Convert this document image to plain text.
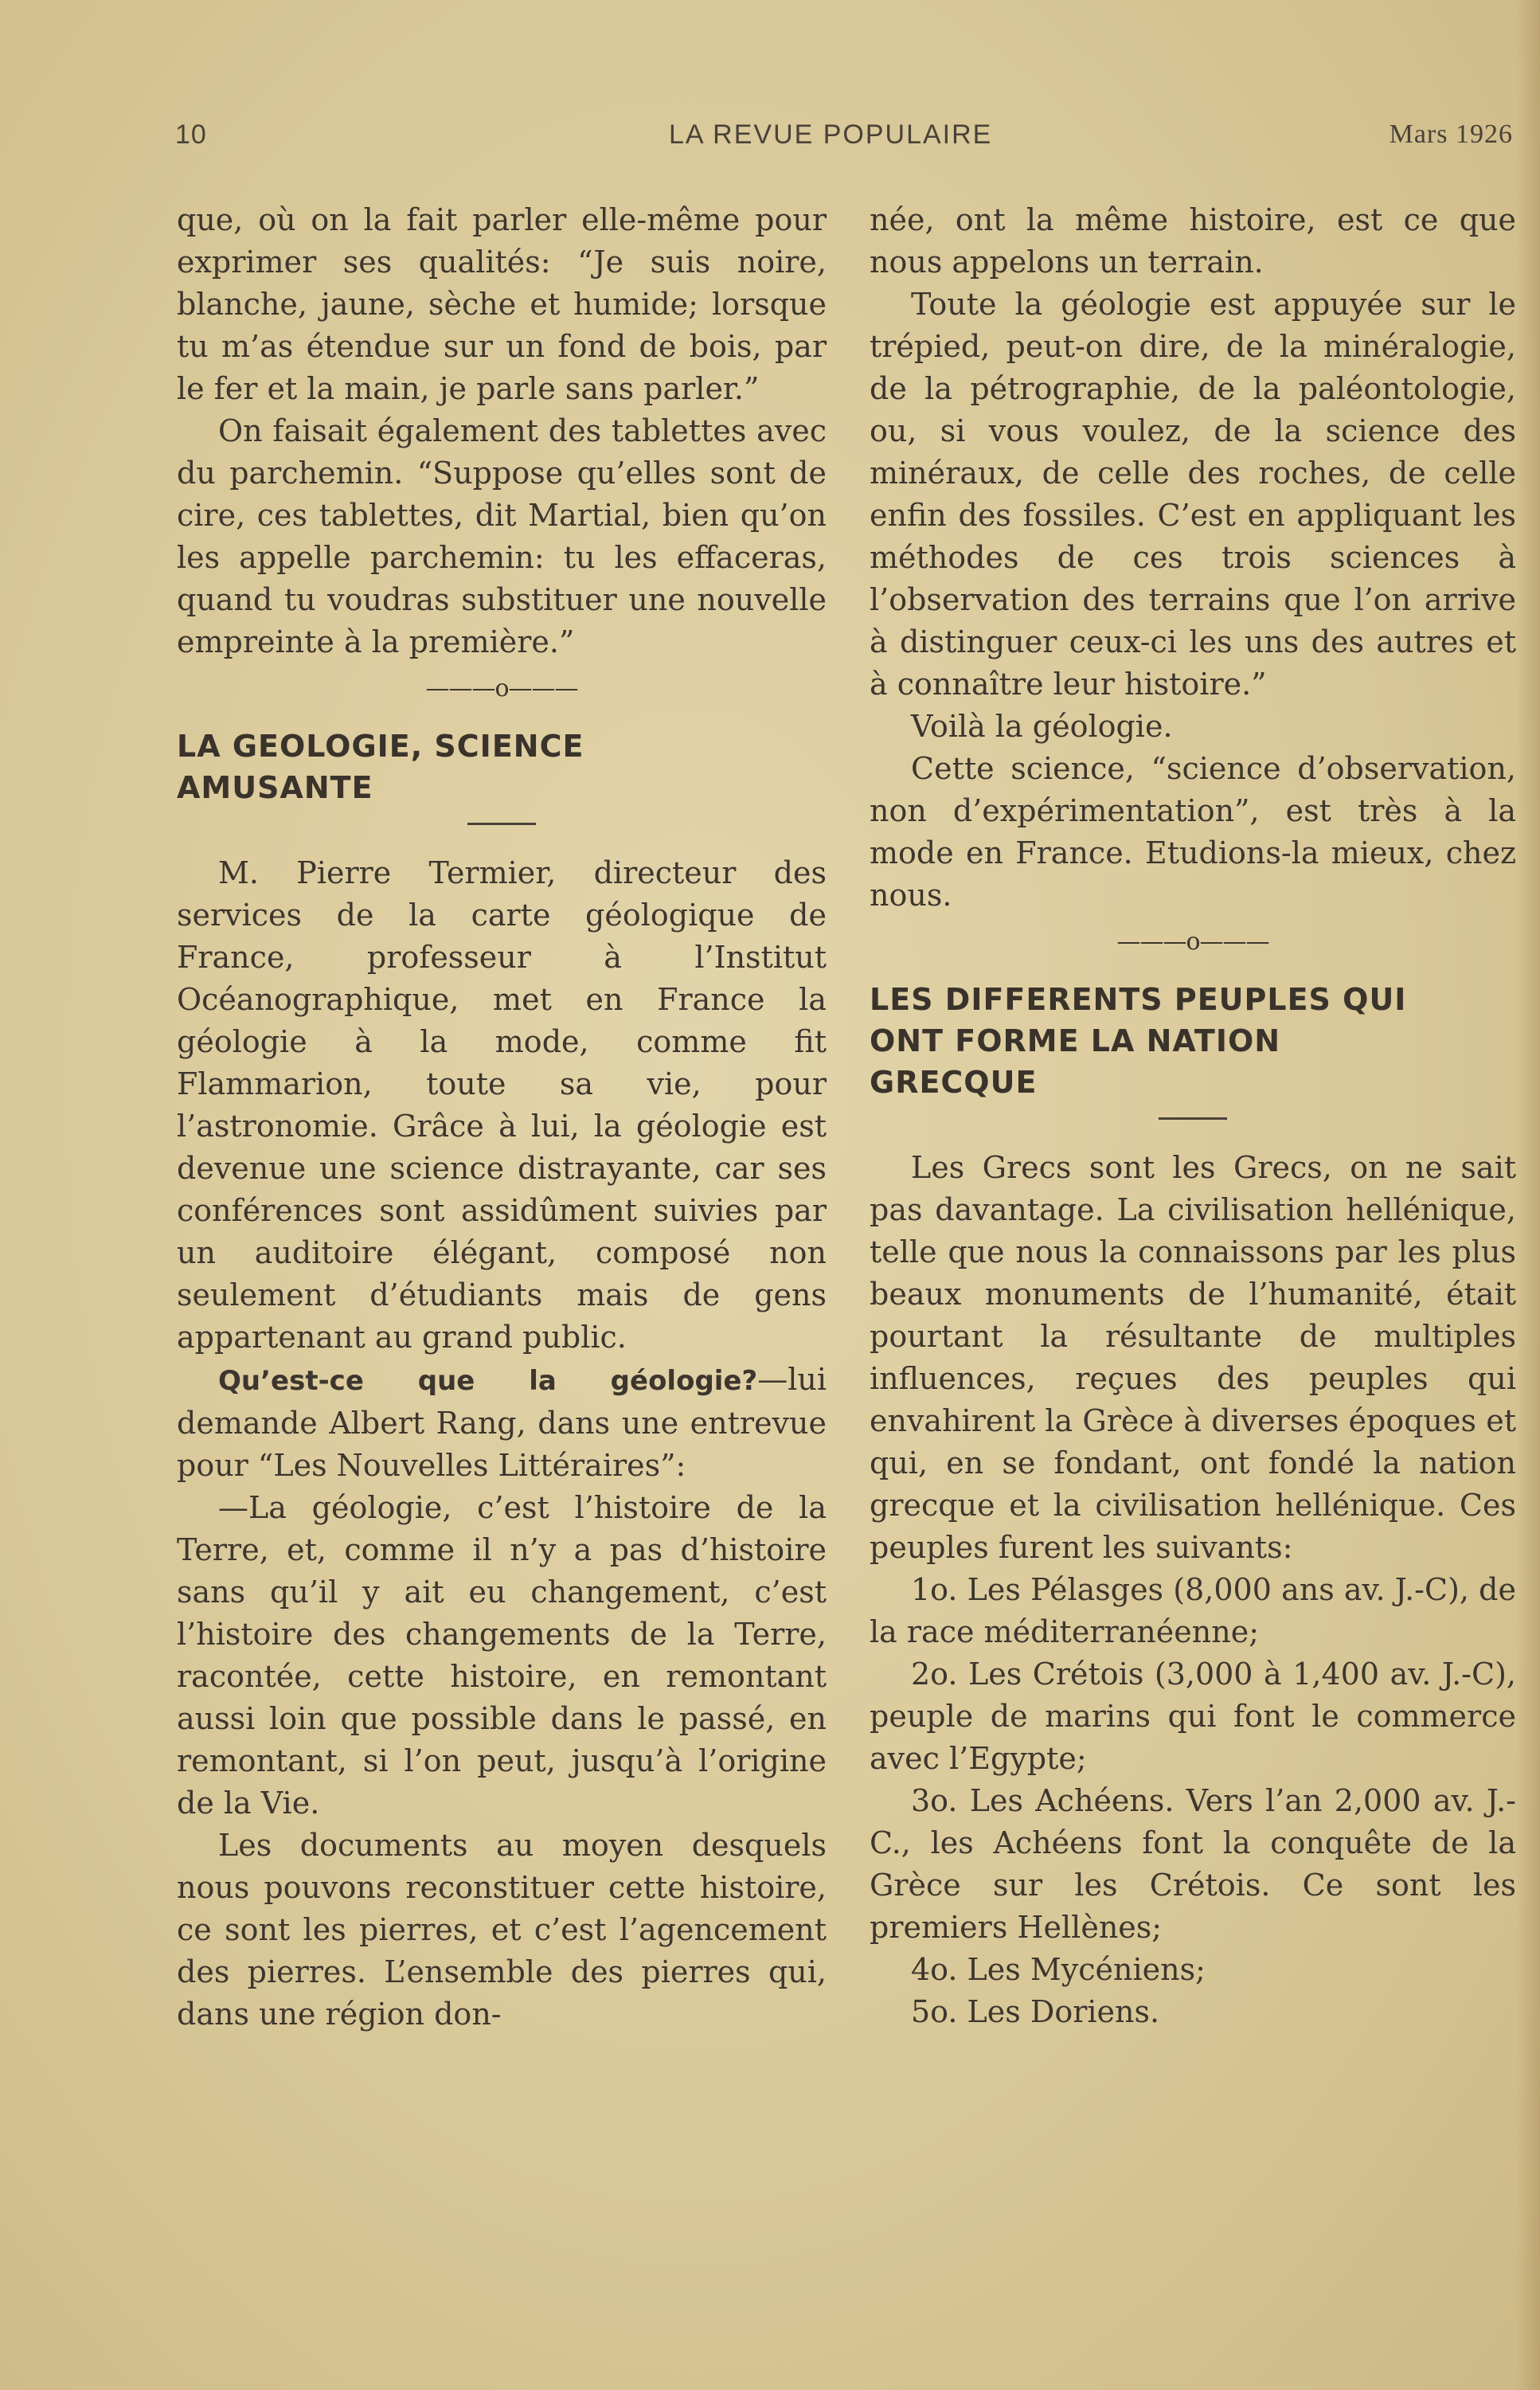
10	LA REVUE POPULAIRE	Mars 1926

que, où on la fait parler elle-même pour exprimer ses qualités: “Je suis noire, blanche, jaune, sèche et humide; lorsque tu m’as étendue sur un fond de bois, par le fer et la main, je parle sans parler.”

On faisait également des tablettes avec du parchemin. “Suppose qu’elles sont de cire, ces tablettes, dit Martial, bien qu’on les appelle parchemin: tu les effaceras, quand tu voudras substituer une nouvelle empreinte à la première.”

———o———

LA GEOLOGIE, SCIENCE

AMUSANTE

M. Pierre Termier, directeur des services de la carte géologique de France, professeur à l’Institut Océanographique, met en France la géologie à la mode, comme fit Flammarion, toute sa vie, pour l’astronomie. Grâce à lui, la géologie est devenue une science distrayante, car ses conférences sont assidûment suivies par un auditoire élégant, composé non seulement d’étudiants mais de gens appartenant au grand public.

Qu’est-ce que la géologie?—lui demande Albert Rang, dans une entrevue pour “Les Nouvelles Littéraires”:

—La géologie, c’est l’histoire de la Terre, et, comme il n’y a pas d’histoire sans qu’il y ait eu changement, c’est l’histoire des changements de la Terre, racontée, cette histoire, en remontant aussi loin que possible dans le passé, en remontant, si l’on peut, jusqu’à l’origine de la Vie.

Les documents au moyen desquels nous pouvons reconstituer cette histoire, ce sont les pierres, et c’est l’agencement des pierres. L’ensemble des pierres qui, dans une région don-

née, ont la même histoire, est ce que nous appelons un terrain.

Toute la géologie est appuyée sur le trépied, peut-on dire, de la minéralogie, de la pétrographie, de la paléontologie, ou, si vous voulez, de la science des minéraux, de celle des roches, de celle enfin des fossiles. C’est en appliquant les méthodes de ces trois sciences à l’observation des terrains que l’on arrive à distinguer ceux-ci les uns des autres et à connaître leur histoire.”

Voilà la géologie.

Cette science, “science d’observation, non d’expérimentation”, est très à la mode en France. Etudions-la mieux, chez nous.

———o———

LES DIFFERENTS PEUPLES QUI

ONT FORME LA NATION

GRECQUE

Les Grecs sont les Grecs, on ne sait pas davantage. La civilisation hellénique, telle que nous la connaissons par les plus beaux monuments de l’humanité, était pourtant la résultante de multiples influences, reçues des peuples qui envahirent la Grèce à diverses époques et qui, en se fondant, ont fondé la nation grecque et la civilisation hellénique. Ces peuples furent les suivants:

1o. Les Pélasges (8,000 ans av. J.-C), de la race méditerranéenne;

2o. Les Crétois (3,000 à 1,400 av. J.-C), peuple de marins qui font le commerce avec l’Egypte;

3o. Les Achéens. Vers l’an 2,000 av. J.-C., les Achéens font la conquête de la Grèce sur les Crétois. Ce sont les premiers Hellènes;

4o. Les Mycéniens;

5o. Les Doriens.
